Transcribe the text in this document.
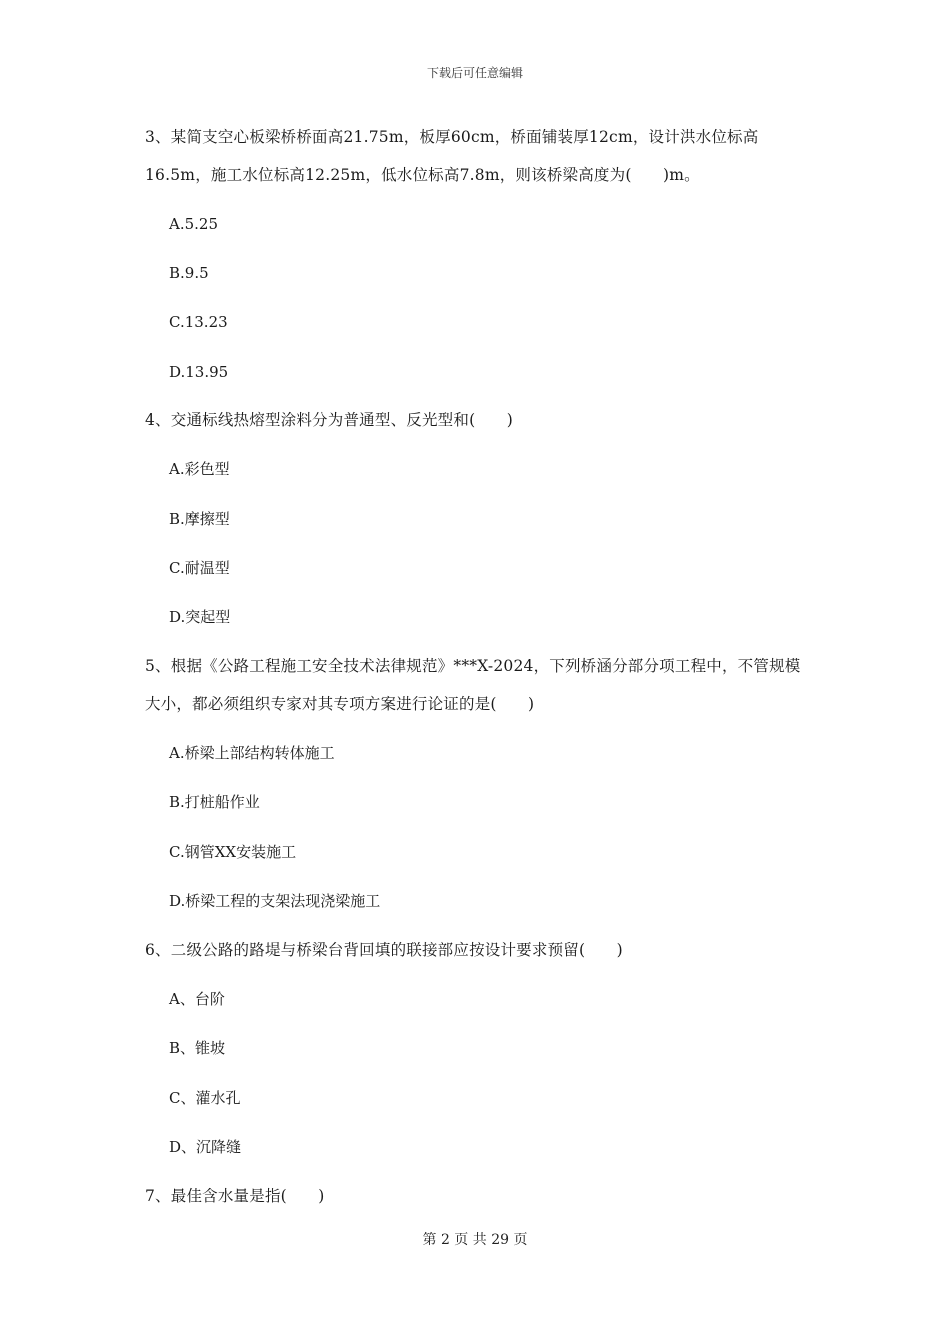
下载后可任意编辑
3、某简支空心板梁桥桥面高21.75m，板厚60cm，桥面铺装厚12cm，设计洪水位标高16.5m，施工水位标高12.25m，低水位标高7.8m，则该桥梁高度为(　　)m。
A.5.25
B.9.5
C.13.23
D.13.95
4、交通标线热熔型涂料分为普通型、反光型和(　　)
A.彩色型
B.摩擦型
C.耐温型
D.突起型
5、根据《公路工程施工安全技术法律规范》***X-2024，下列桥涵分部分项工程中，不管规模大小，都必须组织专家对其专项方案进行论证的是(　　)
A.桥梁上部结构转体施工
B.打桩船作业
C.钢管XX安装施工
D.桥梁工程的支架法现浇梁施工
6、二级公路的路堤与桥梁台背回填的联接部应按设计要求预留(　　)
A、台阶
B、锥坡
C、灌水孔
D、沉降缝
7、最佳含水量是指(　　)
第 2 页 共 29 页
